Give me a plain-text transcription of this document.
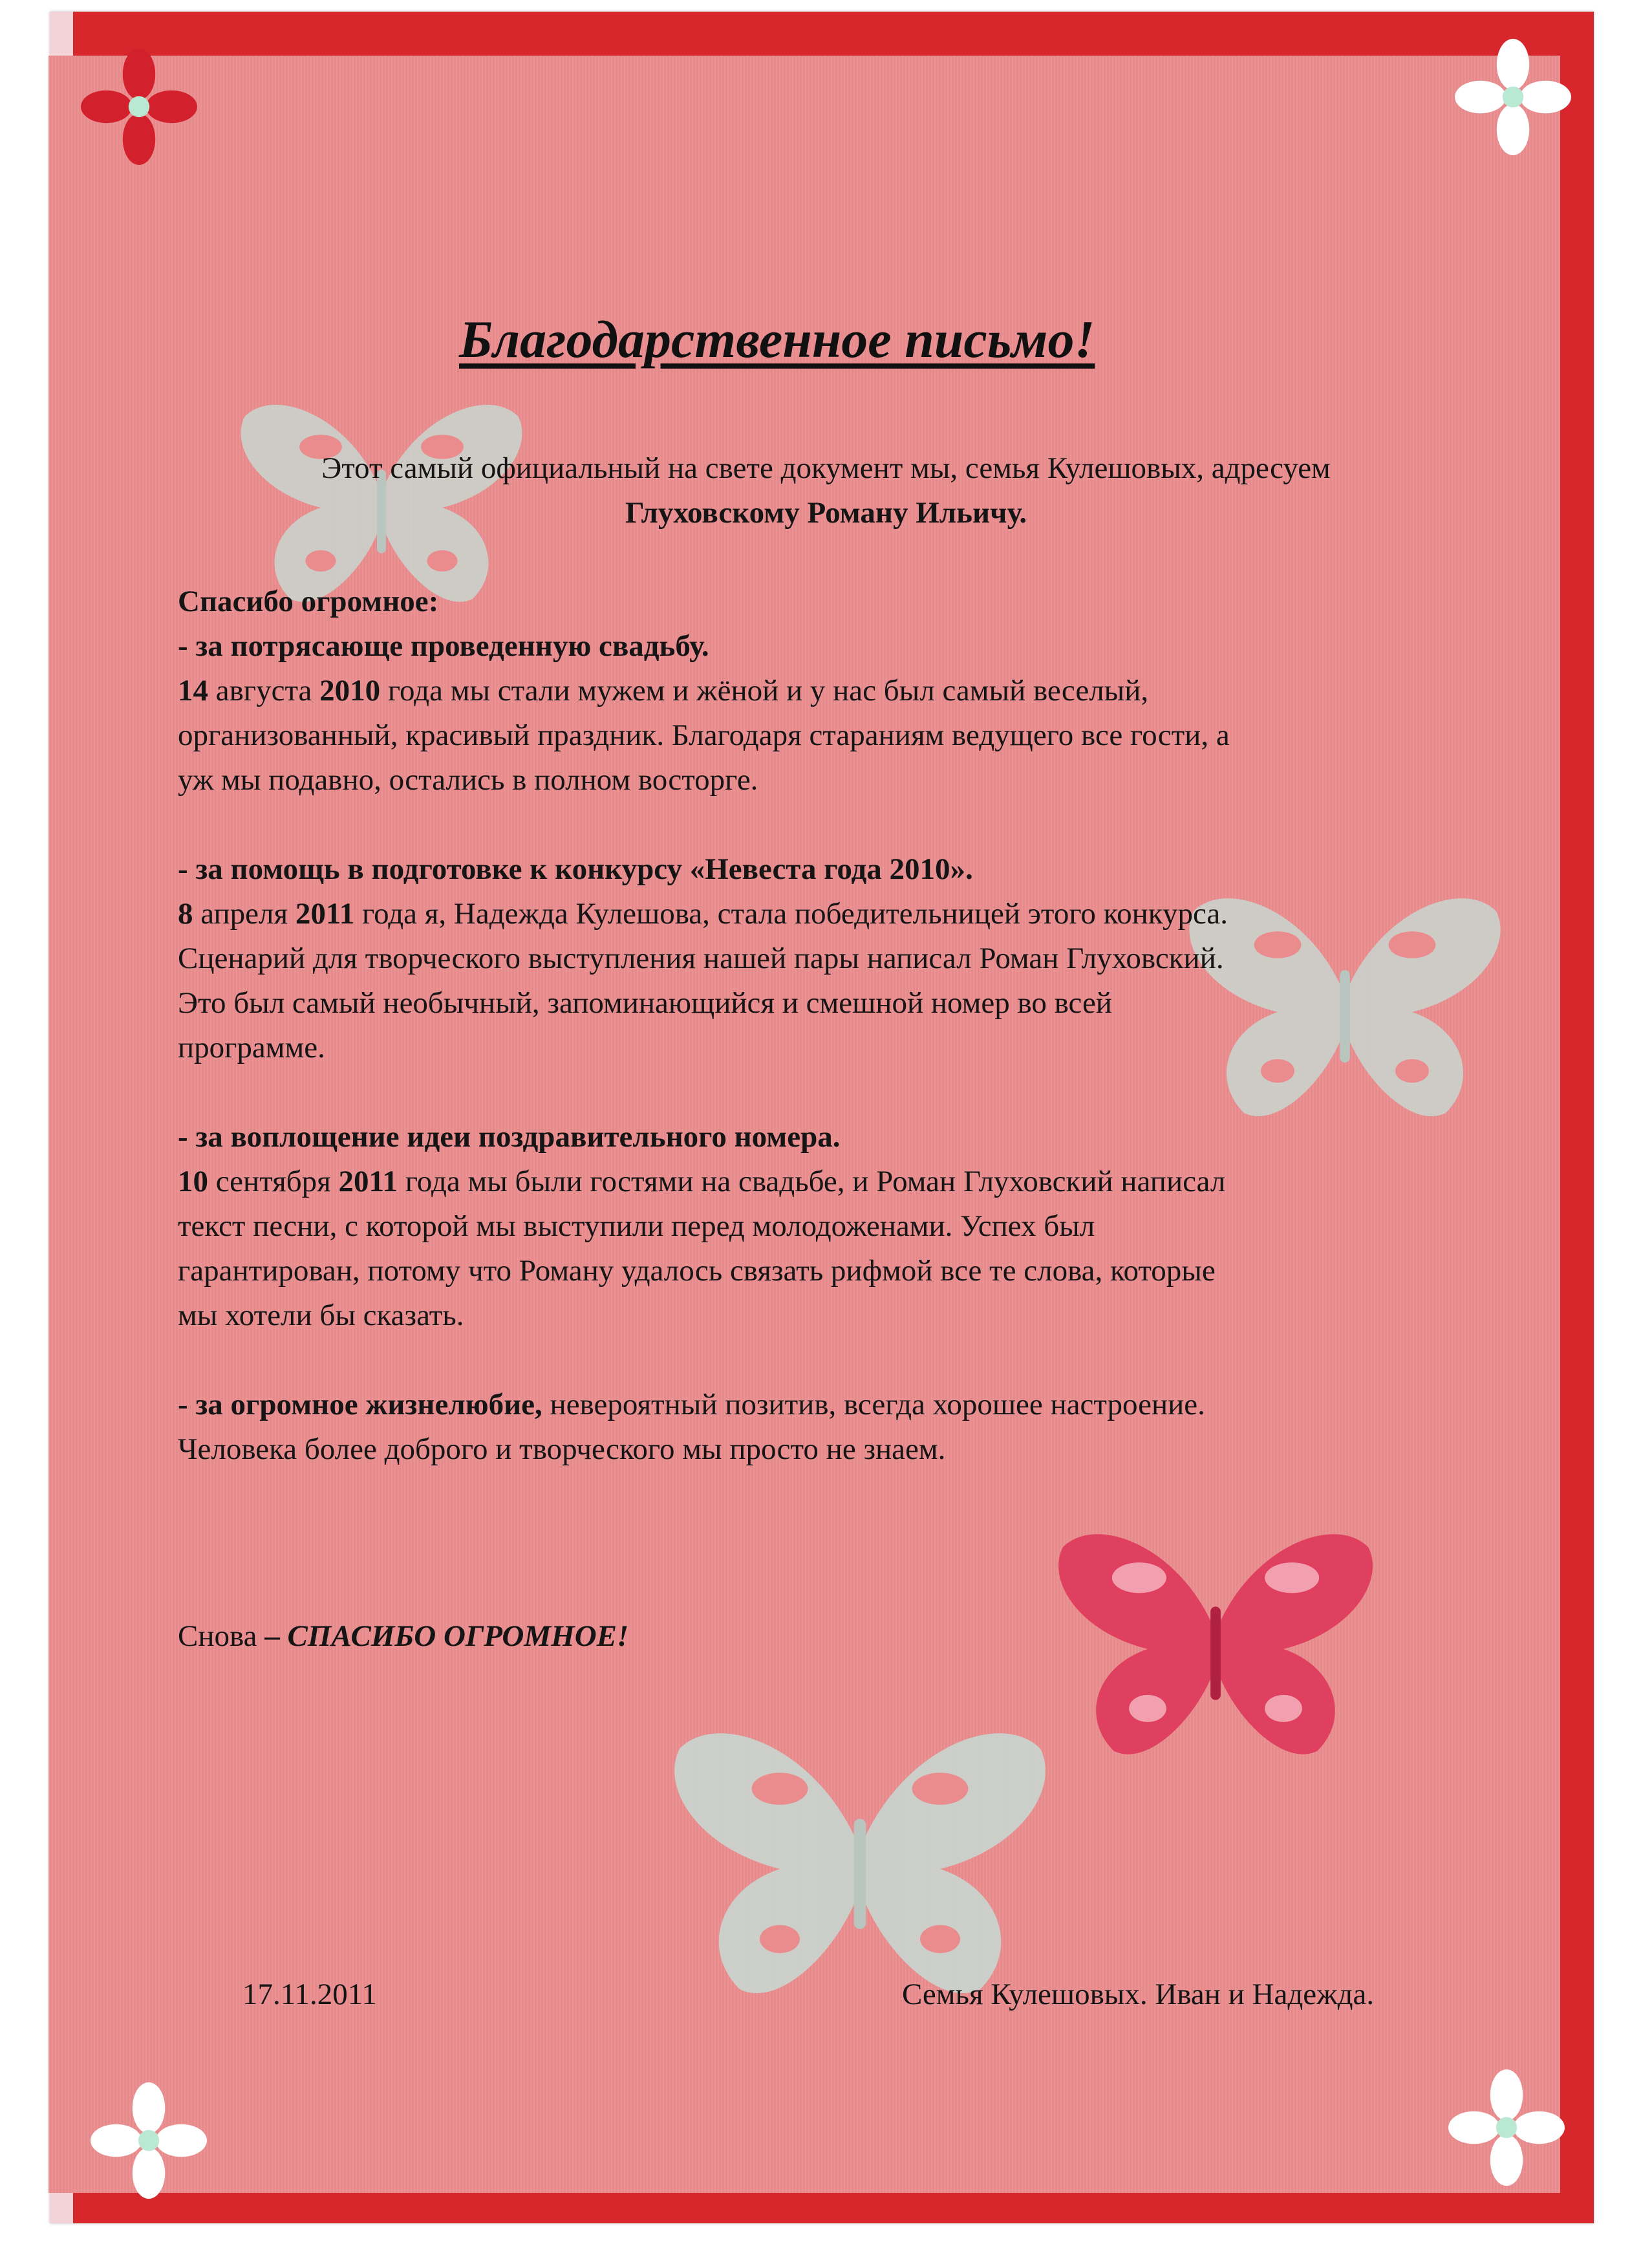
Благодарственное письмо!
Этот самый официальный на свете документ мы, семья Кулешовых, адресуем
Глуховскому Роману Ильичу.
Спасибо огромное:
- за потрясающе проведенную свадьбу.
14 августа 2010 года мы стали мужем и жёной и у нас был самый веселый,
организованный, красивый праздник. Благодаря стараниям ведущего все гости, а
уж мы подавно, остались в полном восторге.
- за помощь в подготовке к конкурсу «Невеста года 2010».
8 апреля 2011 года я, Надежда Кулешова, стала победительницей этого конкурса.
Сценарий для творческого выступления нашей пары написал Роман Глуховский.
Это был самый необычный, запоминающийся и смешной номер во всей
программе.
- за воплощение идеи поздравительного номера.
10 сентября 2011 года мы были гостями на свадьбе, и Роман Глуховский написал
текст песни, с которой мы выступили перед молодоженами. Успех был
гарантирован, потому что Роману удалось связать рифмой все те слова, которые
мы хотели бы сказать.
- за огромное жизнелюбие, невероятный позитив, всегда хорошее настроение.
Человека более доброго и творческого мы просто не знаем.
Снова – СПАСИБО ОГРОМНОЕ!
17.11.2011	Семья Кулешовых. Иван и Надежда.
